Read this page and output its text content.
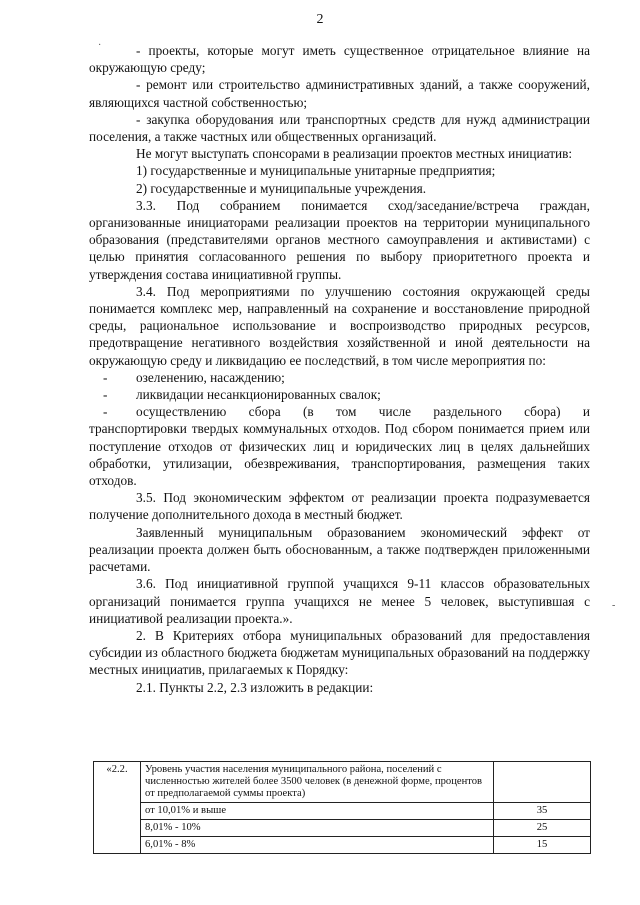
2
·
-

- проекты, которые могут иметь существенное отрицательное влияние на окружающую среду;

- ремонт или строительство административных зданий, а также сооружений, являющихся частной собственностью;

- закупка оборудования или транспортных средств для нужд администрации поселения, а также частных или общественных организаций.

Не могут выступать спонсорами в реализации проектов местных инициатив:

1) государственные и муниципальные унитарные предприятия;

2) государственные и муниципальные учреждения.

3.3. Под собранием понимается сход/заседание/встреча граждан, организованные инициаторами реализации проектов на территории муниципального образования (представителями органов местного самоуправления и активистами) с целью принятия согласованного решения по выбору приоритетного проекта и утверждения состава инициативной группы.

3.4. Под мероприятиями по улучшению состояния окружающей среды понимается комплекс мер, направленный на сохранение и восстановление природной среды, рациональное использование и воспроизводство природных ресурсов, предотвращение негативного воздействия хозяйственной и иной деятельности на окружающую среду и ликвидацию ее последствий, в том числе мероприятия по:

-	озеленению, насаждению;
-	ликвидации несанкционированных свалок;
-	осуществлению сбора (в том числе раздельного сбора) и

транспортировки твердых коммунальных отходов. Под сбором понимается прием или поступление отходов от физических лиц и юридических лиц в целях дальнейших обработки, утилизации, обезвреживания, транспортирования, размещения таких отходов.

3.5. Под экономическим эффектом от реализации проекта подразумевается получение дополнительного дохода в местный бюджет.

Заявленный муниципальным образованием экономический эффект от реализации проекта должен быть обоснованным, а также подтвержден приложенными расчетами.

3.6. Под инициативной группой учащихся 9-11 классов образовательных организаций понимается группа учащихся не менее 5 человек, выступившая с инициативой реализации проекта.».

2. В Критериях отбора муниципальных образований для предоставления субсидии из областного бюджета бюджетам муниципальных образований на поддержку местных инициатив, прилагаемых к Порядку:

2.1. Пункты 2.2, 2.3 изложить в редакции:

«2.2.	Уровень участия населения муниципального района, поселений с численностью жителей более 3500 человек (в денежной форме, процентов от предполагаемой суммы проекта)	
	от 10,01% и выше	35
	8,01% - 10%	25
	6,01% - 8%	15
